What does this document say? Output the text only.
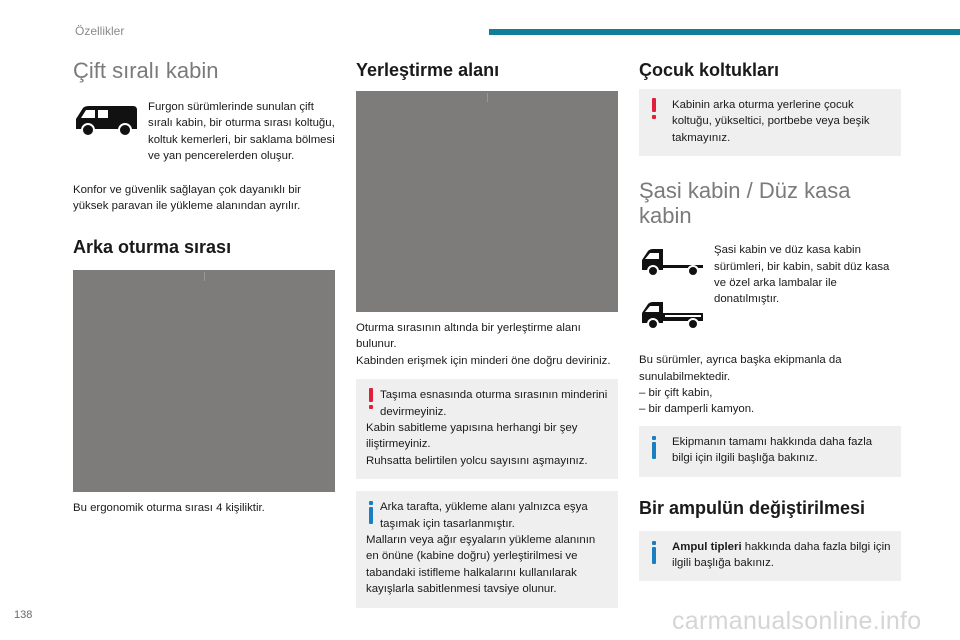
Özellikler
Çift sıralı kabin
Furgon sürümlerinde sunulan çift sıralı kabin, bir oturma sırası koltuğu, koltuk kemerleri, bir saklama bölmesi ve yan pencerelerden oluşur.

Konfor ve güvenlik sağlayan çok dayanıklı bir yüksek paravan ile yükleme alanından ayrılır.

Arka oturma sırası

Bu ergonomik oturma sırası 4 kişiliktir.

Yerleştirme alanı

Oturma sırasının altında bir yerleştirme alanı bulunur.

Kabinden erişmek için minderi öne doğru deviriniz.

Taşıma esnasında oturma sırasının minderini devirmeyiniz.
Kabin sabitleme yapısına herhangi bir şey iliştirmeyiniz.
Ruhsatta belirtilen yolcu sayısını aşmayınız.
Arka tarafta, yükleme alanı yalnızca eşya taşımak için tasarlanmıştır.
Malların veya ağır eşyaların yükleme alanının en önüne (kabine doğru) yerleştirilmesi ve tabandaki istifleme halkalarını kullanılarak kayışlarla sabitlenmesi tavsiye olunur.
Çocuk koltukları
Kabinin arka oturma yerlerine çocuk koltuğu, yükseltici, portbebe veya beşik takmayınız.
Şasi kabin / Düz kasa kabin
Şasi kabin ve düz kasa kabin sürümleri, bir kabin, sabit düz kasa ve özel arka lambalar ile donatılmıştır.

Bu sürümler, ayrıca başka ekipmanla da sunulabilmektedir.

– bir çift kabin,

– bir damperli kamyon.

Ekipmanın tamamı hakkında daha fazla bilgi için ilgili başlığa bakınız.
Bir ampulün değiştirilmesi
Ampul tipleri hakkında daha fazla bilgi için ilgili başlığa bakınız.
138	carmanualsonline.info
